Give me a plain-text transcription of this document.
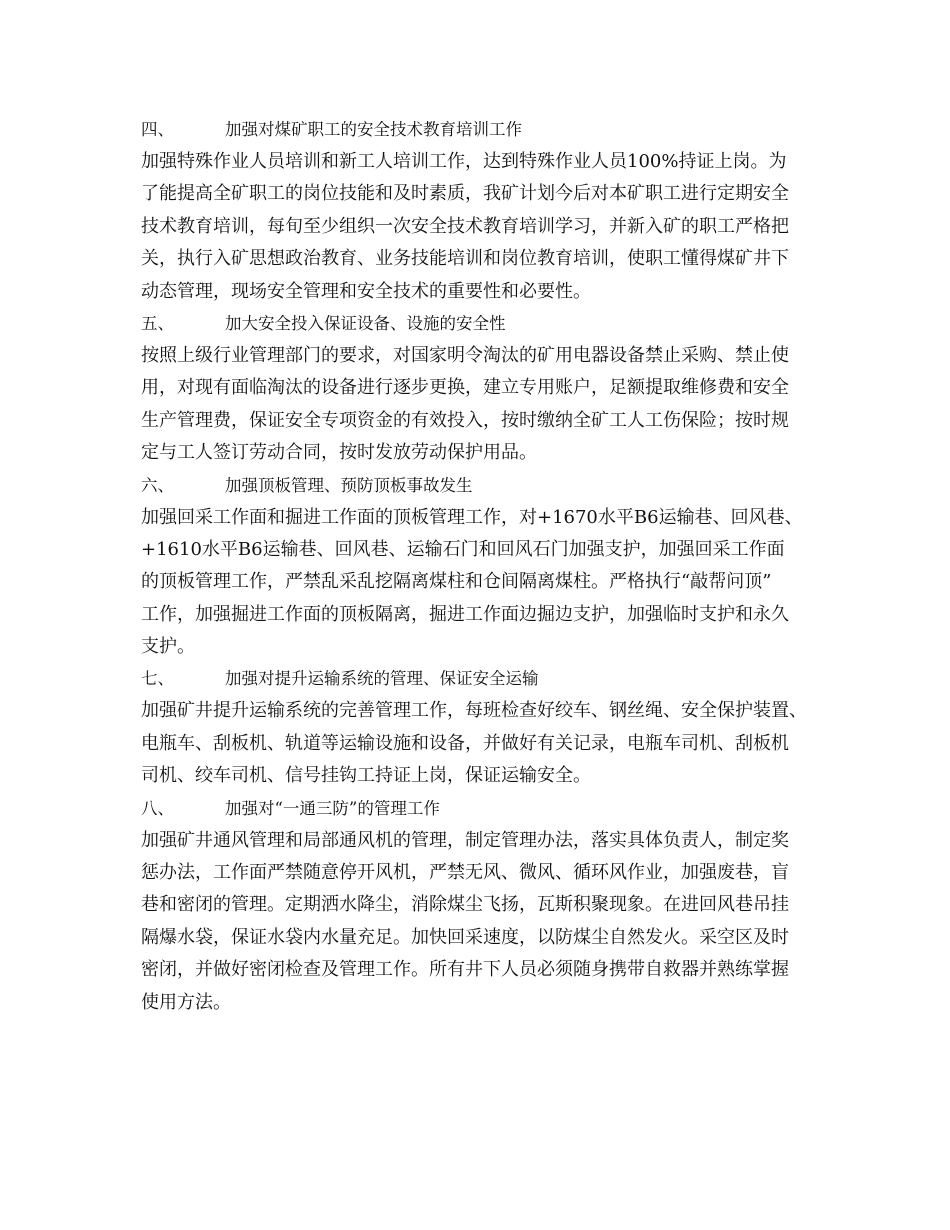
四、	加强对煤矿职工的安全技术教育培训工作
加强特殊作业人员培训和新工人培训工作，达到特殊作业人员100%持证上岗。为
了能提高全矿职工的岗位技能和及时素质，我矿计划今后对本矿职工进行定期安全
技术教育培训，每旬至少组织一次安全技术教育培训学习，并新入矿的职工严格把
关，执行入矿思想政治教育、业务技能培训和岗位教育培训，使职工懂得煤矿井下
动态管理，现场安全管理和安全技术的重要性和必要性。
五、	加大安全投入保证设备、设施的安全性
按照上级行业管理部门的要求，对国家明令淘汰的矿用电器设备禁止采购、禁止使
用，对现有面临淘汰的设备进行逐步更换，建立专用账户，足额提取维修费和安全
生产管理费，保证安全专项资金的有效投入，按时缴纳全矿工人工伤保险；按时规
定与工人签订劳动合同，按时发放劳动保护用品。
六、	加强顶板管理、预防顶板事故发生
加强回采工作面和掘进工作面的顶板管理工作，对+1670水平B6运输巷、回风巷、
+1610水平B6运输巷、回风巷、运输石门和回风石门加强支护，加强回采工作面
的顶板管理工作，严禁乱采乱挖隔离煤柱和仓间隔离煤柱。严格执行“敲帮问顶”
工作，加强掘进工作面的顶板隔离，掘进工作面边掘边支护，加强临时支护和永久
支护。
七、	加强对提升运输系统的管理、保证安全运输
加强矿井提升运输系统的完善管理工作，每班检查好绞车、钢丝绳、安全保护装置、
电瓶车、刮板机、轨道等运输设施和设备，并做好有关记录，电瓶车司机、刮板机
司机、绞车司机、信号挂钩工持证上岗，保证运输安全。
八、	加强对“一通三防”的管理工作
加强矿井通风管理和局部通风机的管理，制定管理办法，落实具体负责人，制定奖
惩办法，工作面严禁随意停开风机，严禁无风、微风、循环风作业，加强废巷，盲
巷和密闭的管理。定期洒水降尘，消除煤尘飞扬，瓦斯积聚现象。在进回风巷吊挂
隔爆水袋，保证水袋内水量充足。加快回采速度，以防煤尘自然发火。采空区及时
密闭，并做好密闭检查及管理工作。所有井下人员必须随身携带自救器并熟练掌握
使用方法。
